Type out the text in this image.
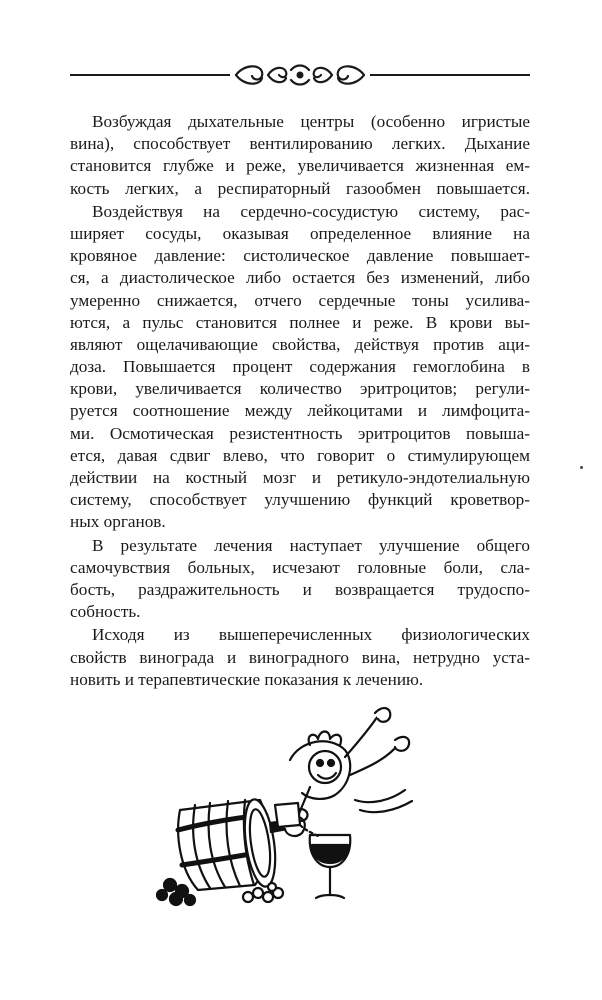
Возбуждая дыхательные центры (особенно игристые
вина), способствует вентилированию легких. Дыхание
становится глубже и реже, увеличивается жизненная ем-
кость легких, а респираторный газообмен повышается.

Воздействуя на сердечно-сосудистую систему, рас-
ширяет сосуды, оказывая определенное влияние на
кровяное давление: систолическое давление повышает-
ся, а диастолическое либо остается без изменений, либо
умеренно снижается, отчего сердечные тоны усилива-
ются, а пульс становится полнее и реже. В крови вы-
являют ощелачивающие свойства, действуя против аци-
доза. Повышается процент содержания гемоглобина в
крови, увеличивается количество эритроцитов; регули-
руется соотношение между лейкоцитами и лимфоцита-
ми. Осмотическая резистентность эритроцитов повыша-
ется, давая сдвиг влево, что говорит о стимулирующем
действии на костный мозг и ретикуло-эндотелиальную
систему, способствует улучшению функций кроветвор-
ных органов.

В результате лечения наступает улучшение общего
самочувствия больных, исчезают головные боли, сла-
бость, раздражительность и возвращается трудоспо-
собность.

Исходя из вышеперечисленных физиологических
свойств винограда и виноградного вина, нетрудно уста-
новить и терапевтические показания к лечению.
